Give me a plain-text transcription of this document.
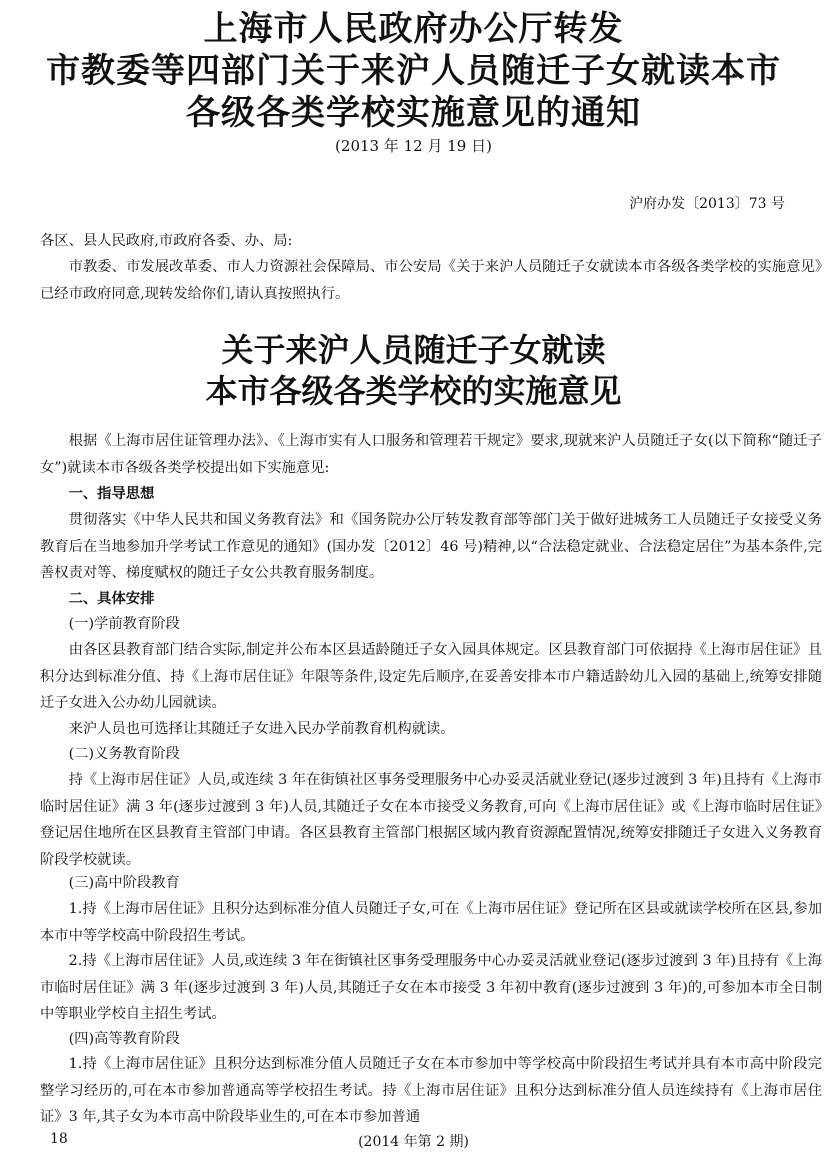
上海市人民政府办公厅转发
市教委等四部门关于来沪人员随迁子女就读本市
各级各类学校实施意见的通知
(2013 年 12 月 19 日)
沪府办发〔2013〕73 号
各区、县人民政府,市政府各委、办、局:
市教委、市发展改革委、市人力资源社会保障局、市公安局《关于来沪人员随迁子女就读本市各级各类学校的实施意见》已经市政府同意,现转发给你们,请认真按照执行。
关于来沪人员随迁子女就读
本市各级各类学校的实施意见
根据《上海市居住证管理办法》、《上海市实有人口服务和管理若干规定》要求,现就来沪人员随迁子女(以下简称“随迁子女”)就读本市各级各类学校提出如下实施意见:
一、指导思想
贯彻落实《中华人民共和国义务教育法》和《国务院办公厅转发教育部等部门关于做好进城务工人员随迁子女接受义务教育后在当地参加升学考试工作意见的通知》(国办发〔2012〕46 号)精神,以“合法稳定就业、合法稳定居住”为基本条件,完善权责对等、梯度赋权的随迁子女公共教育服务制度。
二、具体安排
(一)学前教育阶段
由各区县教育部门结合实际,制定并公布本区县适龄随迁子女入园具体规定。区县教育部门可依据持《上海市居住证》且积分达到标准分值、持《上海市居住证》年限等条件,设定先后顺序,在妥善安排本市户籍适龄幼儿入园的基础上,统筹安排随迁子女进入公办幼儿园就读。
来沪人员也可选择让其随迁子女进入民办学前教育机构就读。
(二)义务教育阶段
持《上海市居住证》人员,或连续 3 年在街镇社区事务受理服务中心办妥灵活就业登记(逐步过渡到 3 年)且持有《上海市临时居住证》满 3 年(逐步过渡到 3 年)人员,其随迁子女在本市接受义务教育,可向《上海市居住证》或《上海市临时居住证》登记居住地所在区县教育主管部门申请。各区县教育主管部门根据区域内教育资源配置情况,统筹安排随迁子女进入义务教育阶段学校就读。
(三)高中阶段教育
1.持《上海市居住证》且积分达到标准分值人员随迁子女,可在《上海市居住证》登记所在区县或就读学校所在区县,参加本市中等学校高中阶段招生考试。
2.持《上海市居住证》人员,或连续 3 年在街镇社区事务受理服务中心办妥灵活就业登记(逐步过渡到 3 年)且持有《上海市临时居住证》满 3 年(逐步过渡到 3 年)人员,其随迁子女在本市接受 3 年初中教育(逐步过渡到 3 年)的,可参加本市全日制中等职业学校自主招生考试。
(四)高等教育阶段
1.持《上海市居住证》且积分达到标准分值人员随迁子女在本市参加中等学校高中阶段招生考试并具有本市高中阶段完整学习经历的,可在本市参加普通高等学校招生考试。持《上海市居住证》且积分达到标准分值人员连续持有《上海市居住证》3 年,其子女为本市高中阶段毕业生的,可在本市参加普通
(2014 年第 2 期)
18
